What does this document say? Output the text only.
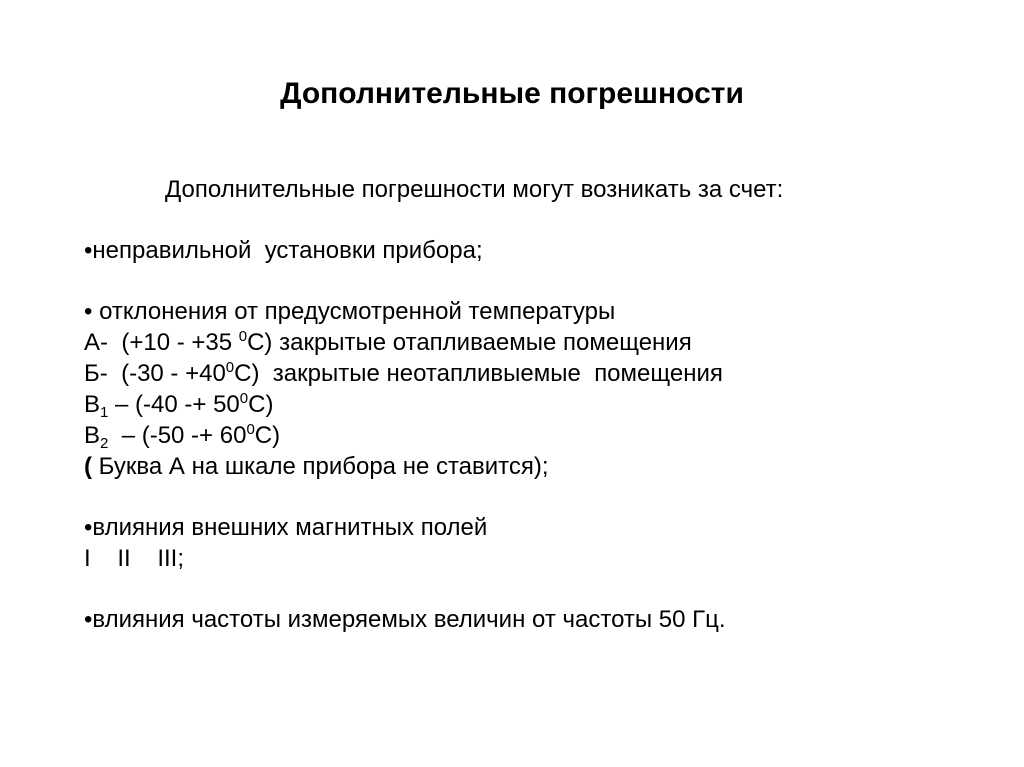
Дополнительные погрешности
Дополнительные погрешности могут возникать за счет:
•неправильной  установки прибора;
• отклонения от предусмотренной температуры
А-  (+10 - +35 $^0$С) закрытые отапливаемые помещения
Б-  $(-30 - +40^0С)$  закрытые неотапливыемые  помещения
$В_1 - (-40 -+ 50^0С)$
$В_2 - (-50 -+ 60^0С)$
( Буква А на шкале прибора не ставится);
•влияния внешних магнитных полей
I    II    III;
•влияния частоты измеряемых величин от частоты 50 Гц.
